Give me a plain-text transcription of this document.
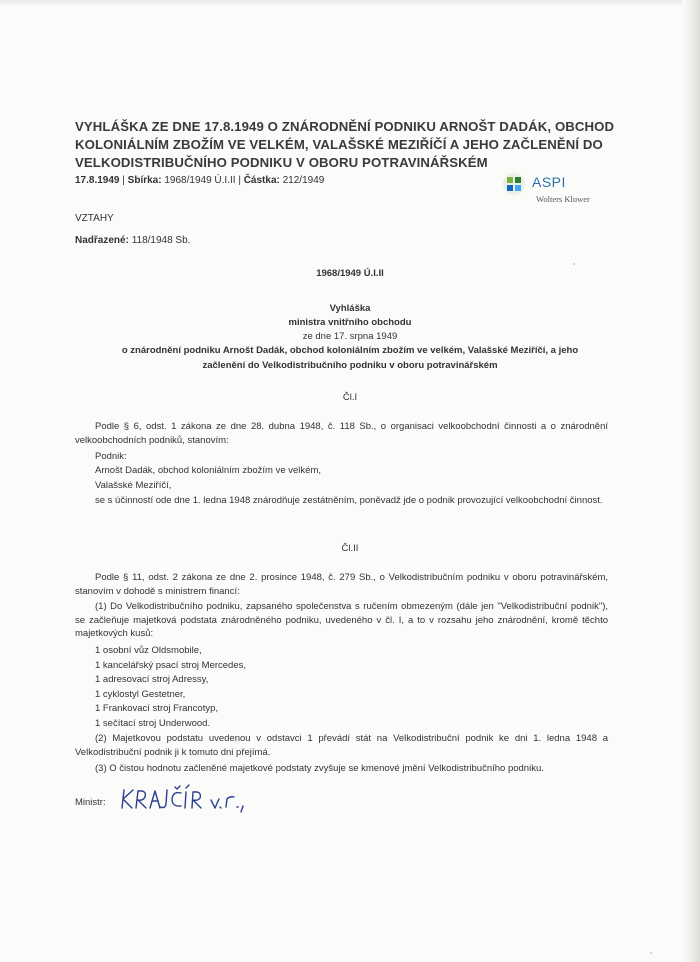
VYHLÁŠKA ZE DNE 17.8.1949 O ZNÁRODNĚNÍ PODNIKU ARNOŠT DADÁK, OBCHOD KOLONIÁLNÍM ZBOŽÍM VE VELKÉM, VALAŠSKÉ MEZIŘÍČÍ A JEHO ZAČLENĚNÍ DO VELKODISTRIBUČNÍHO PODNIKU V OBORU POTRAVINÁŘSKÉM
17.8.1949 | Sbírka: 1968/1949 Ú.I.II | Částka: 212/1949	ASPI
Wolters Kluwer
VZTAHY
Nadřazené: 118/1948 Sb.
1968/1949 Ú.I.II
Vyhláška
ministra vnitřního obchodu
ze dne 17. srpna 1949
o znárodnění podniku Arnošt Dadák, obchod koloniálním zbožím ve velkém, Valašské Meziříčí, a jeho
začlenění do Velkodistribučního podniku v oboru potravinářském
Čl.I

Podle § 6, odst. 1 zákona ze dne 28. dubna 1948, č. 118 Sb., o organisaci velkoobchodní činnosti a o znárodnění velkoobchodních podniků, stanovím:

Podnik:
Arnošt Dadák, obchod koloniálním zbožím ve velkém,
Valašské Meziříčí,

se s účinností ode dne 1. ledna 1948 znárodňuje zestátněním, poněvadž jde o podnik provozující velkoobchodní činnost.

Čl.II

Podle § 11, odst. 2 zákona ze dne 2. prosince 1948, č. 279 Sb., o Velkodistribučním podniku v oboru potravinářském, stanovím v dohodě s ministrem financí:

(1) Do Velkodistribučního podniku, zapsaného společenstva s ručením obmezeným (dále jen "Velkodistribuční podnik"), se začleňuje majetková podstata znárodněného podniku, uvedeného v čl. I, a to v rozsahu jeho znárodnění, kromě těchto majetkových kusů:

1 osobní vůz Oldsmobile,
1 kancelářský psací stroj Mercedes,
1 adresovací stroj Adressy,
1 cyklostyl Gestetner,
1 Frankovací stroj Francotyp,
1 sečítací stroj Underwood.

(2) Majetkovou podstatu uvedenou v odstavci 1 převádí stát na Velkodistribuční podnik ke dni 1. ledna 1948 a Velkodistribuční podnik ji k tomuto dni přejímá.

(3) O čistou hodnotu začleněné majetkové podstaty zvyšuje se kmenové jmění Velkodistribučního podniku.

Ministr:
